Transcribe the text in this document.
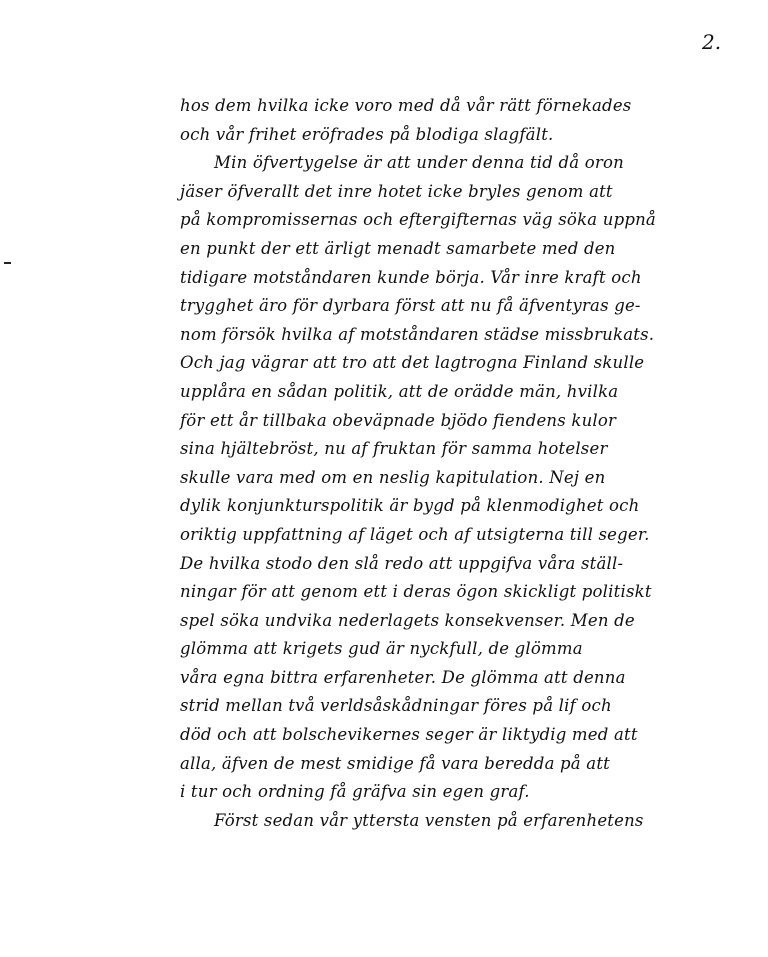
2.
hos dem hvilka icke voro med då vår rätt förnekades
och vår frihet eröfrades på blodiga slagfält.
Min öfvertygelse är att under denna tid då oron
jäser öfverallt det inre hotet icke bryles genom att
på kompromissernas och eftergifternas väg söka uppnå
en punkt der ett ärligt menadt samarbete med den
tidigare motståndaren kunde börja. Vår inre kraft och
trygghet äro för dyrbara först att nu få äfventyras ge-
nom försök hvilka af motståndaren städse missbrukats.
Och jag vägrar att tro att det lagtrogna Finland skulle
upplåra en sådan politik, att de orädde män, hvilka
för ett år tillbaka obeväpnade bjödo fiendens kulor
sina hjältebröst, nu af fruktan för samma hotelser
skulle vara med om en neslig kapitulation. Nej en
dylik konjunkturspolitik är bygd på klenmodighet och
oriktig uppfattning af läget och af utsigterna till seger.
De hvilka stodo den slå redo att uppgifva våra ställ-
ningar för att genom ett i deras ögon skickligt politiskt
spel söka undvika nederlagets konsekvenser. Men de
glömma att krigets gud är nyckfull, de glömma
våra egna bittra erfarenheter. De glömma att denna
strid mellan två verldsåskådningar föres på lif och
död och att bolschevikernes seger är liktydig med att
alla, äfven de mest smidige få vara beredda på att
i tur och ordning få gräfva sin egen graf.
Först sedan vår yttersta vensten på erfarenhetens
